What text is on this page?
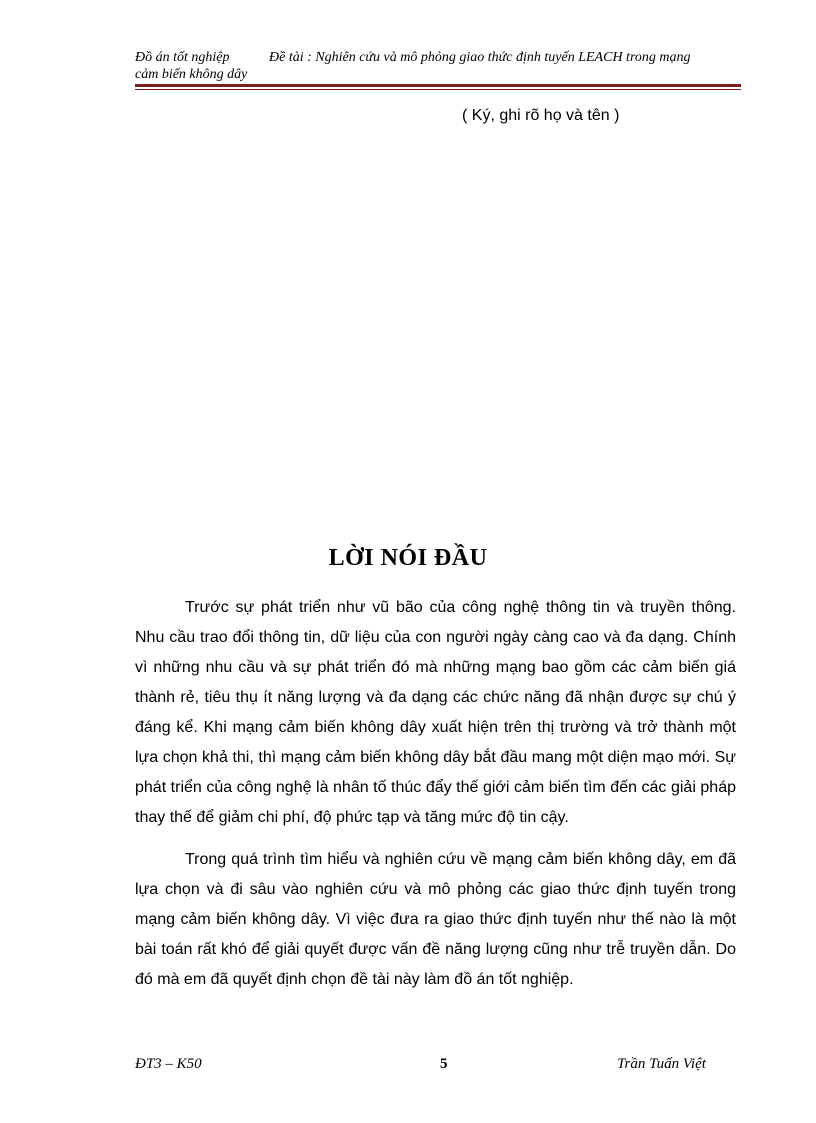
Đồ án tốt nghiệp	Đề tài : Nghiên cứu và mô phỏng giao thức định tuyến LEACH trong mạng
cảm biến không dây
( Ký, ghi rõ họ và tên )
LỜI NÓI ĐẦU

Trước sự phát triển như vũ bão của công nghệ thông tin và truyền thông. Nhu cầu trao đổi thông tin, dữ liệu của con người ngày càng cao và đa dạng. Chính vì những nhu cầu và sự phát triển đó mà những mạng bao gồm các cảm biến giá thành rẻ, tiêu thụ ít năng lượng và đa dạng các chức năng đã nhận được sự chú ý đáng kể. Khi mạng cảm biến không dây xuất hiện trên thị trường và trở thành một lựa chọn khả thi, thì mạng cảm biến không dây bắt đầu mang một diện mạo mới. Sự phát triển của công nghệ là nhân tố thúc đẩy thế giới cảm biến tìm đến các giải pháp thay thế để giảm chi phí, độ phức tạp và tăng mức độ tin cậy.

Trong quá trình tìm hiểu và nghiên cứu về mạng cảm biến không dây, em đã lựa chọn và đi sâu vào nghiên cứu và mô phỏng các giao thức định tuyến trong mạng cảm biến không dây. Vì việc đưa ra giao thức định tuyến như thế nào là một bài toán rất khó để giải quyết được vấn đề năng lượng cũng như trễ truyền dẫn. Do đó mà em đã quyết định chọn đề tài này làm đồ án tốt nghiệp.

ĐT3 – K50	5	Trần Tuấn Việt
